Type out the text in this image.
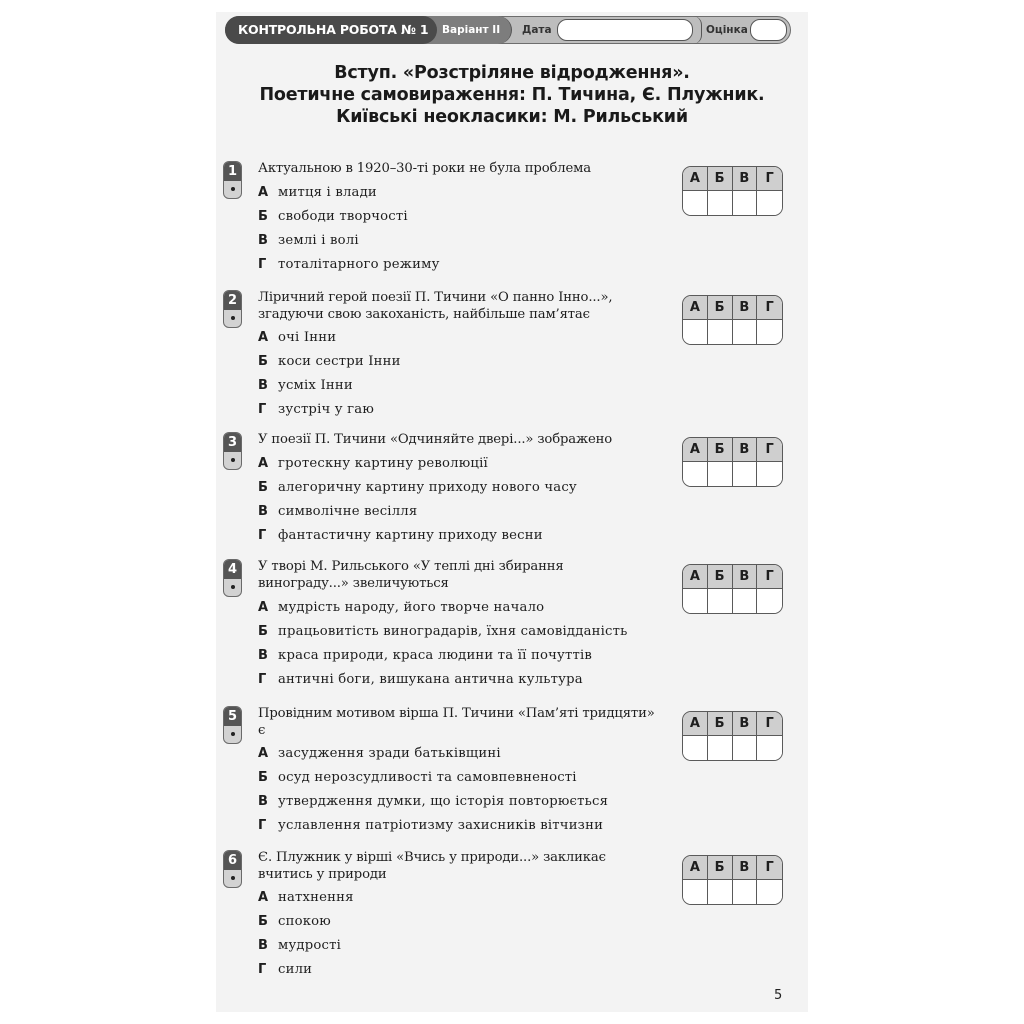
КОНТРОЛЬНА РОБОТА № 1	Варіант II	Дата	Оцінка
Вступ. «Розстріляне відродження».
Поетичне самовираження: П. Тичина, Є. Плужник.
Київські неокласики: М. Рильський
1	Актуальною в 1920–30-ті роки не була проблема
А митця і влади
Б свободи творчості
В землі і волі
Г тоталітарного режиму
А	Б	В	Г
2	Ліричний герой поезії П. Тичини «О панно Інно...», згадуючи свою закоханість, найбільше пам’ятає
А очі Інни
Б коси сестри Інни
В усміх Інни
Г зустріч у гаю
А	Б	В	Г
3	У поезії П. Тичини «Одчиняйте двері...» зображено
А гротескну картину революції
Б алегоричну картину приходу нового часу
В символічне весілля
Г фантастичну картину приходу весни
А	Б	В	Г
4	У творі М. Рильського «У теплі дні збирання винограду...» звеличуються
А мудрість народу, його творче начало
Б працьовитість виноградарів, їхня самовідданість
В краса природи, краса людини та її почуттів
Г античні боги, вишукана антична культура
А	Б	В	Г
5	Провідним мотивом вірша П. Тичини «Пам’яті тридцяти» є
А засудження зради батьківщині
Б осуд нерозсудливості та самовпевненості
В утвердження думки, що історія повторюється
Г уславлення патріотизму захисників вітчизни
А	Б	В	Г
6	Є. Плужник у вірші «Вчись у природи...» закликає вчитись у природи
А натхнення
Б спокою
В мудрості
Г сили
А	Б	В	Г
5
